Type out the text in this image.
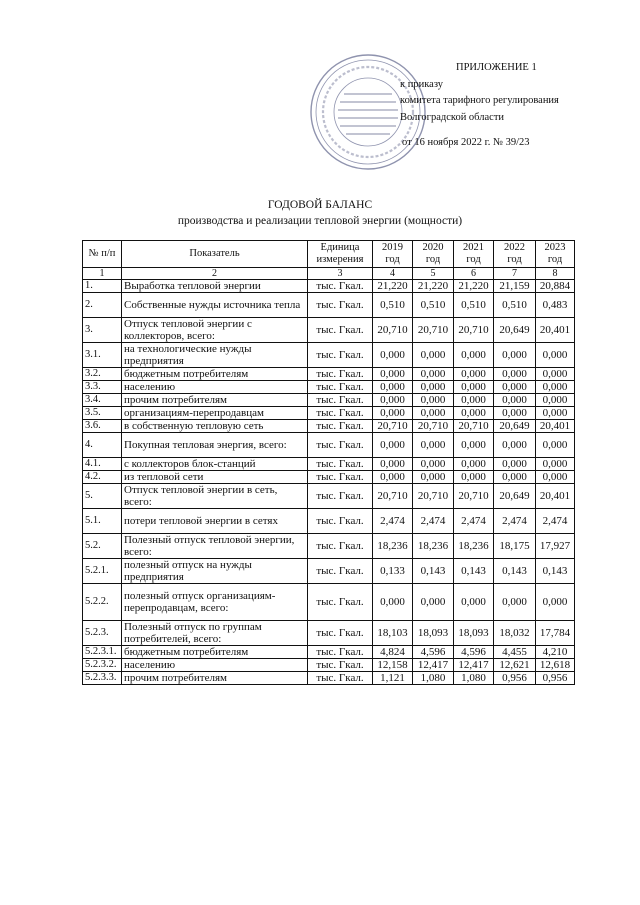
ПРИЛОЖЕНИЕ 1
к приказу
комитета тарифного регулирования
Волгоградской области
от 16 ноября 2022 г. № 39/23
ГОДОВОЙ БАЛАНС
производства и реализации тепловой энергии (мощности)
№ п/п	Показатель	Единица измерения	2019 год	2020 год	2021 год	2022 год	2023 год
1	2	3	4	5	6	7	8
1.	Выработка тепловой энергии	тыс. Гкал.	21,220	21,220	21,220	21,159	20,884
2.	Собственные нужды источника тепла	тыс. Гкал.	0,510	0,510	0,510	0,510	0,483
3.	Отпуск тепловой энергии с коллекторов, всего:	тыс. Гкал.	20,710	20,710	20,710	20,649	20,401
3.1.	на технологические нужды предприятия	тыс. Гкал.	0,000	0,000	0,000	0,000	0,000
3.2.	бюджетным потребителям	тыс. Гкал.	0,000	0,000	0,000	0,000	0,000
3.3.	населению	тыс. Гкал.	0,000	0,000	0,000	0,000	0,000
3.4.	прочим потребителям	тыс. Гкал.	0,000	0,000	0,000	0,000	0,000
3.5.	организациям-перепродавцам	тыс. Гкал.	0,000	0,000	0,000	0,000	0,000
3.6.	в собственную тепловую сеть	тыс. Гкал.	20,710	20,710	20,710	20,649	20,401
4.	Покупная тепловая энергия, всего:	тыс. Гкал.	0,000	0,000	0,000	0,000	0,000
4.1.	с коллекторов блок-станций	тыс. Гкал.	0,000	0,000	0,000	0,000	0,000
4.2.	из тепловой сети	тыс. Гкал.	0,000	0,000	0,000	0,000	0,000
5.	Отпуск тепловой энергии в сеть, всего:	тыс. Гкал.	20,710	20,710	20,710	20,649	20,401
5.1.	потери тепловой энергии в сетях	тыс. Гкал.	2,474	2,474	2,474	2,474	2,474
5.2.	Полезный отпуск тепловой энергии, всего:	тыс. Гкал.	18,236	18,236	18,236	18,175	17,927
5.2.1.	полезный отпуск на нужды предприятия	тыс. Гкал.	0,133	0,143	0,143	0,143	0,143
5.2.2.	полезный отпуск организациям-перепродавцам, всего:	тыс. Гкал.	0,000	0,000	0,000	0,000	0,000
5.2.3.	Полезный отпуск по группам потребителей, всего:	тыс. Гкал.	18,103	18,093	18,093	18,032	17,784
5.2.3.1.	бюджетным потребителям	тыс. Гкал.	4,824	4,596	4,596	4,455	4,210
5.2.3.2.	населению	тыс. Гкал.	12,158	12,417	12,417	12,621	12,618
5.2.3.3.	прочим потребителям	тыс. Гкал.	1,121	1,080	1,080	0,956	0,956
